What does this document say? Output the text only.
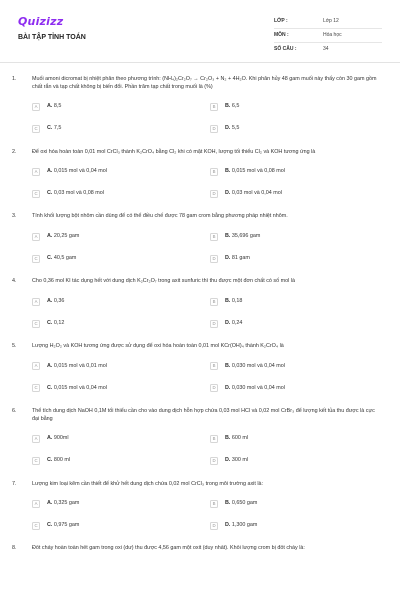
Quizizz
BÀI TẬP TỈNH TOÁN
LỚP :	Lớp 12
MÔN :	Hóa học
SỐ CÂU :	34
1.	Muối amoni dicromat bị nhiệt phân theo phương trình: (NH₄)₂Cr₂O₇ → Cr₂O₃ + N₂ + 4H₂O. Khi phân hủy 48 gam muối này thấy còn 30 gam gồm chất rắn và tạp chất không bị biến đổi. Phần trăm tạp chất trong muối là (%)
A	A. 8,5	B	B. 6,5
C	C. 7,5	D	D. 5,5
2.	Để oxi hóa hoàn toàn 0,01 mol CrCl₃ thành K₂CrO₄ bằng Cl₂ khi có mặt KOH, lượng tối thiểu Cl₂ và KOH tương ứng là
A	A. 0,015 mol và 0,04 mol	B	B. 0,015 mol và 0,08 mol
C	C. 0,03 mol và 0,08 mol	D	D. 0,03 mol và 0,04 mol
3.	Tính khối lượng bột nhôm cần dùng để có thể điều chế được 78 gam crom bằng phương pháp nhiệt nhôm.
A	A. 20,25 gam	B	B. 35,696 gam
C	C. 40,5 gam	D	D. 81 gam
4.	Cho 0,36 mol KI tác dụng hết với dung dịch K₂Cr₂O₇ trong axit sunfuric thì thu được một đơn chất có số mol là
A	A. 0,36	B	B. 0,18
C	C. 0,12	D	D. 0,24
5.	Lượng H₂O₂ và KOH tương ứng được sử dụng để oxi hóa hoàn toàn 0,01 mol KCr(OH)₄ thành K₂CrO₄ là
A	A. 0,015 mol và 0,01 mol	B	B. 0,030 mol và 0,04 mol
C	C. 0,015 mol và 0,04 mol	D	D. 0,030 mol và 0,04 mol
6.	Thể tích dung dịch NaOH 0,1M tối thiểu cần cho vào dung dịch hỗn hợp chứa 0,03 mol HCl và 0,02 mol CrBr₃ để lượng kết tủa thu được là cực đại bằng
A	A. 900ml	B	B. 600 ml
C	C. 800 ml	D	D. 300 ml
7.	Lượng kim loại kẽm cần thiết để khử hết dung dịch chứa 0,02 mol CrCl₃ trong môi trường axit là:
A	A. 0,325 gam	B	B. 0,650 gam
C	C. 0,975 gam	D	D. 1,300 gam
8.	Đốt cháy hoàn toàn hết gam trong oxi (dư) thu được 4,56 gam một oxit (duy nhất). Khối lượng crom bị đốt cháy là:
